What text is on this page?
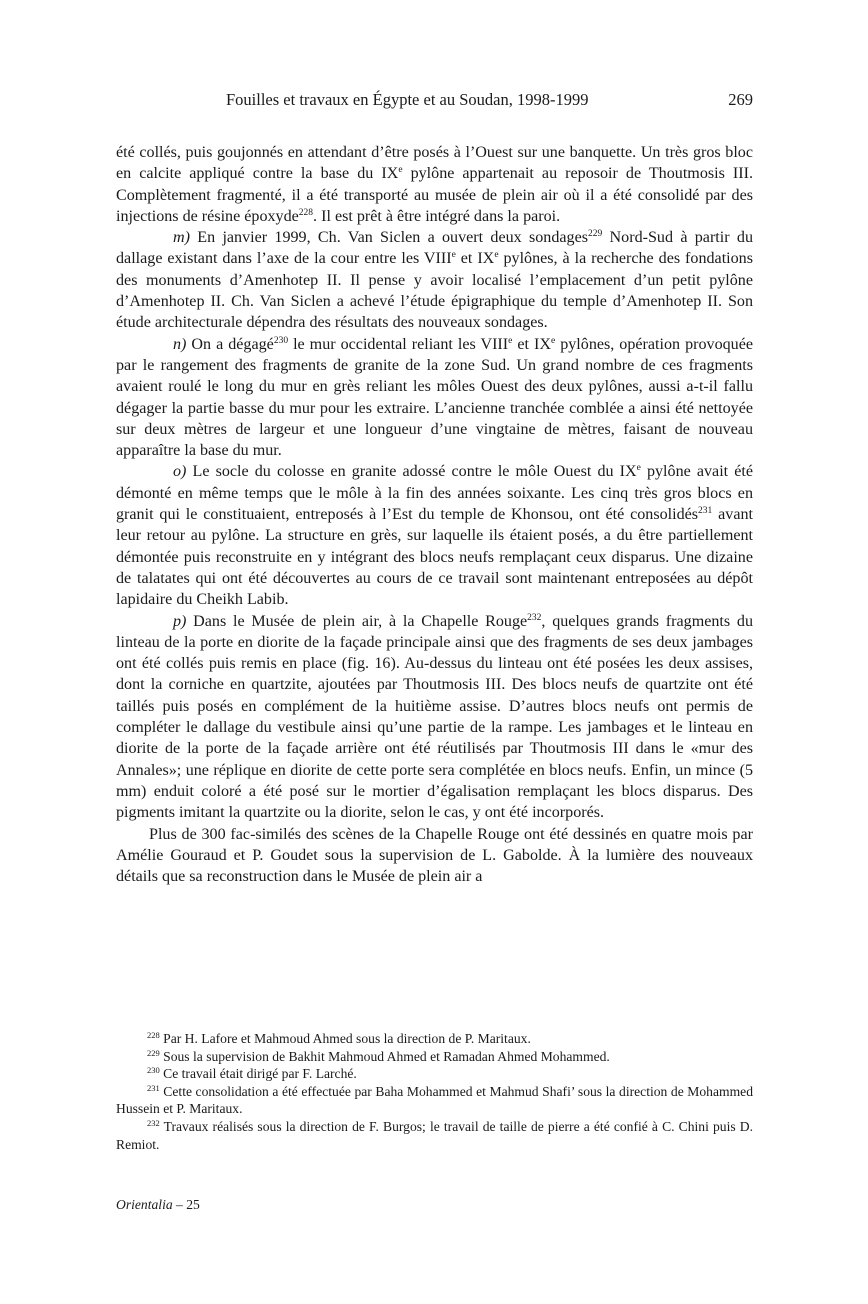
Fouilles et travaux en Égypte et au Soudan, 1998-1999	269

été collés, puis goujonnés en attendant d’être posés à l’Ouest sur une banquette. Un très gros bloc en calcite appliqué contre la base du IXe pylône appartenait au reposoir de Thoutmosis III. Complètement fragmenté, il a été transporté au musée de plein air où il a été consolidé par des injections de résine époxyde$^{228}$. Il est prêt à être intégré dans la paroi.

m) En janvier 1999, Ch. Van Siclen a ouvert deux sondages$^{229}$ Nord-Sud à partir du dallage existant dans l’axe de la cour entre les VIIIe et IXe pylônes, à la recherche des fondations des monuments d’Amenhotep II. Il pense y avoir localisé l’emplacement d’un petit pylône d’Amenhotep II. Ch. Van Siclen a achevé l’étude épigraphique du temple d’Amenhotep II. Son étude architecturale dépendra des résultats des nouveaux sondages.

n) On a dégagé$^{230}$ le mur occidental reliant les VIIIe et IXe pylônes, opération provoquée par le rangement des fragments de granite de la zone Sud. Un grand nombre de ces fragments avaient roulé le long du mur en grès reliant les môles Ouest des deux pylônes, aussi a-t-il fallu dégager la partie basse du mur pour les extraire. L’ancienne tranchée comblée a ainsi été nettoyée sur deux mètres de largeur et une longueur d’une vingtaine de mètres, faisant de nouveau apparaître la base du mur.

o) Le socle du colosse en granite adossé contre le môle Ouest du IXe pylône avait été démonté en même temps que le môle à la fin des années soixante. Les cinq très gros blocs en granit qui le constituaient, entreposés à l’Est du temple de Khonsou, ont été consolidés$^{231}$ avant leur retour au pylône. La structure en grès, sur laquelle ils étaient posés, a du être partiellement démontée puis reconstruite en y intégrant des blocs neufs remplaçant ceux disparus. Une dizaine de talatates qui ont été découvertes au cours de ce travail sont maintenant entreposées au dépôt lapidaire du Cheikh Labib.

p) Dans le Musée de plein air, à la Chapelle Rouge$^{232}$, quelques grands fragments du linteau de la porte en diorite de la façade principale ainsi que des fragments de ses deux jambages ont été collés puis remis en place (fig. 16). Au-dessus du linteau ont été posées les deux assises, dont la corniche en quartzite, ajoutées par Thoutmosis III. Des blocs neufs de quartzite ont été taillés puis posés en complément de la huitième assise. D’autres blocs neufs ont permis de compléter le dallage du vestibule ainsi qu’une partie de la rampe. Les jambages et le linteau en diorite de la porte de la façade arrière ont été réutilisés par Thoutmosis III dans le «mur des Annales»; une réplique en diorite de cette porte sera complétée en blocs neufs. Enfin, un mince (5 mm) enduit coloré a été posé sur le mortier d’égalisation remplaçant les blocs disparus. Des pigments imitant la quartzite ou la diorite, selon le cas, y ont été incorporés.

Plus de 300 fac-similés des scènes de la Chapelle Rouge ont été dessinés en quatre mois par Amélie Gouraud et P. Goudet sous la supervision de L. Gabolde. À la lumière des nouveaux détails que sa reconstruction dans le Musée de plein air a

$^{228}$ Par H. Lafore et Mahmoud Ahmed sous la direction de P. Maritaux.

$^{229}$ Sous la supervision de Bakhit Mahmoud Ahmed et Ramadan Ahmed Mohammed.

$^{230}$ Ce travail était dirigé par F. Larché.

$^{231}$ Cette consolidation a été effectuée par Baha Mohammed et Mahmud Shafi’ sous la direction de Mohammed Hussein et P. Maritaux.

$^{232}$ Travaux réalisés sous la direction de F. Burgos; le travail de taille de pierre a été confié à C. Chini puis D. Remiot.

Orientalia – 25
